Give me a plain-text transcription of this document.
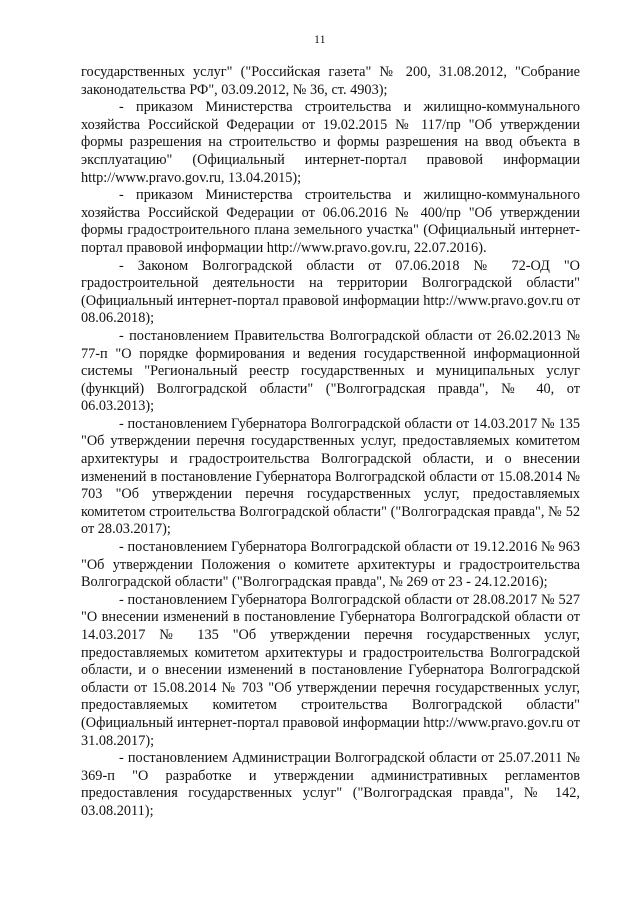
11

государственных услуг" ("Российская газета" № 200, 31.08.2012, "Собрание законодательства РФ", 03.09.2012, № 36, ст. 4903);

- приказом Министерства строительства и жилищно-коммунального хозяйства Российской Федерации от 19.02.2015 № 117/пр "Об утверждении формы разрешения на строительство и формы разрешения на ввод объекта в эксплуатацию" (Официальный интернет-портал правовой информации http://www.pravo.gov.ru, 13.04.2015);

- приказом Министерства строительства и жилищно-коммунального хозяйства Российской Федерации от 06.06.2016 № 400/пр "Об утверждении формы градостроительного плана земельного участка" (Официальный интернет-портал правовой информации http://www.pravo.gov.ru, 22.07.2016).

- Законом Волгоградской области от 07.06.2018 № 72-ОД "О градостроительной деятельности на территории Волгоградской области" (Официальный интернет-портал правовой информации http://www.pravo.gov.ru от 08.06.2018);

- постановлением Правительства Волгоградской области от 26.02.2013 № 77-п "О порядке формирования и ведения государственной информационной системы "Региональный реестр государственных и муниципальных услуг (функций) Волгоградской области" ("Волгоградская правда", № 40, от 06.03.2013);

- постановлением Губернатора Волгоградской области от 14.03.2017 № 135 "Об утверждении перечня государственных услуг, предоставляемых комитетом архитектуры и градостроительства Волгоградской области, и о внесении изменений в постановление Губернатора Волгоградской области от 15.08.2014 № 703 "Об утверждении перечня государственных услуг, предоставляемых комитетом строительства Волгоградской области" ("Волгоградская правда", № 52 от 28.03.2017);

- постановлением Губернатора Волгоградской области от 19.12.2016 № 963 "Об утверждении Положения о комитете архитектуры и градостроительства Волгоградской области" ("Волгоградская правда", № 269 от 23 - 24.12.2016);

- постановлением Губернатора Волгоградской области от 28.08.2017 № 527 "О внесении изменений в постановление Губернатора Волгоградской области от 14.03.2017 № 135 "Об утверждении перечня государственных услуг, предоставляемых комитетом архитектуры и градостроительства Волгоградской области, и о внесении изменений в постановление Губернатора Волгоградской области от 15.08.2014 № 703 "Об утверждении перечня государственных услуг, предоставляемых комитетом строительства Волгоградской области" (Официальный интернет-портал правовой информации http://www.pravo.gov.ru от 31.08.2017);

- постановлением Администрации Волгоградской области от 25.07.2011 № 369-п "О разработке и утверждении административных регламентов предоставления государственных услуг" ("Волгоградская правда", № 142, 03.08.2011);
